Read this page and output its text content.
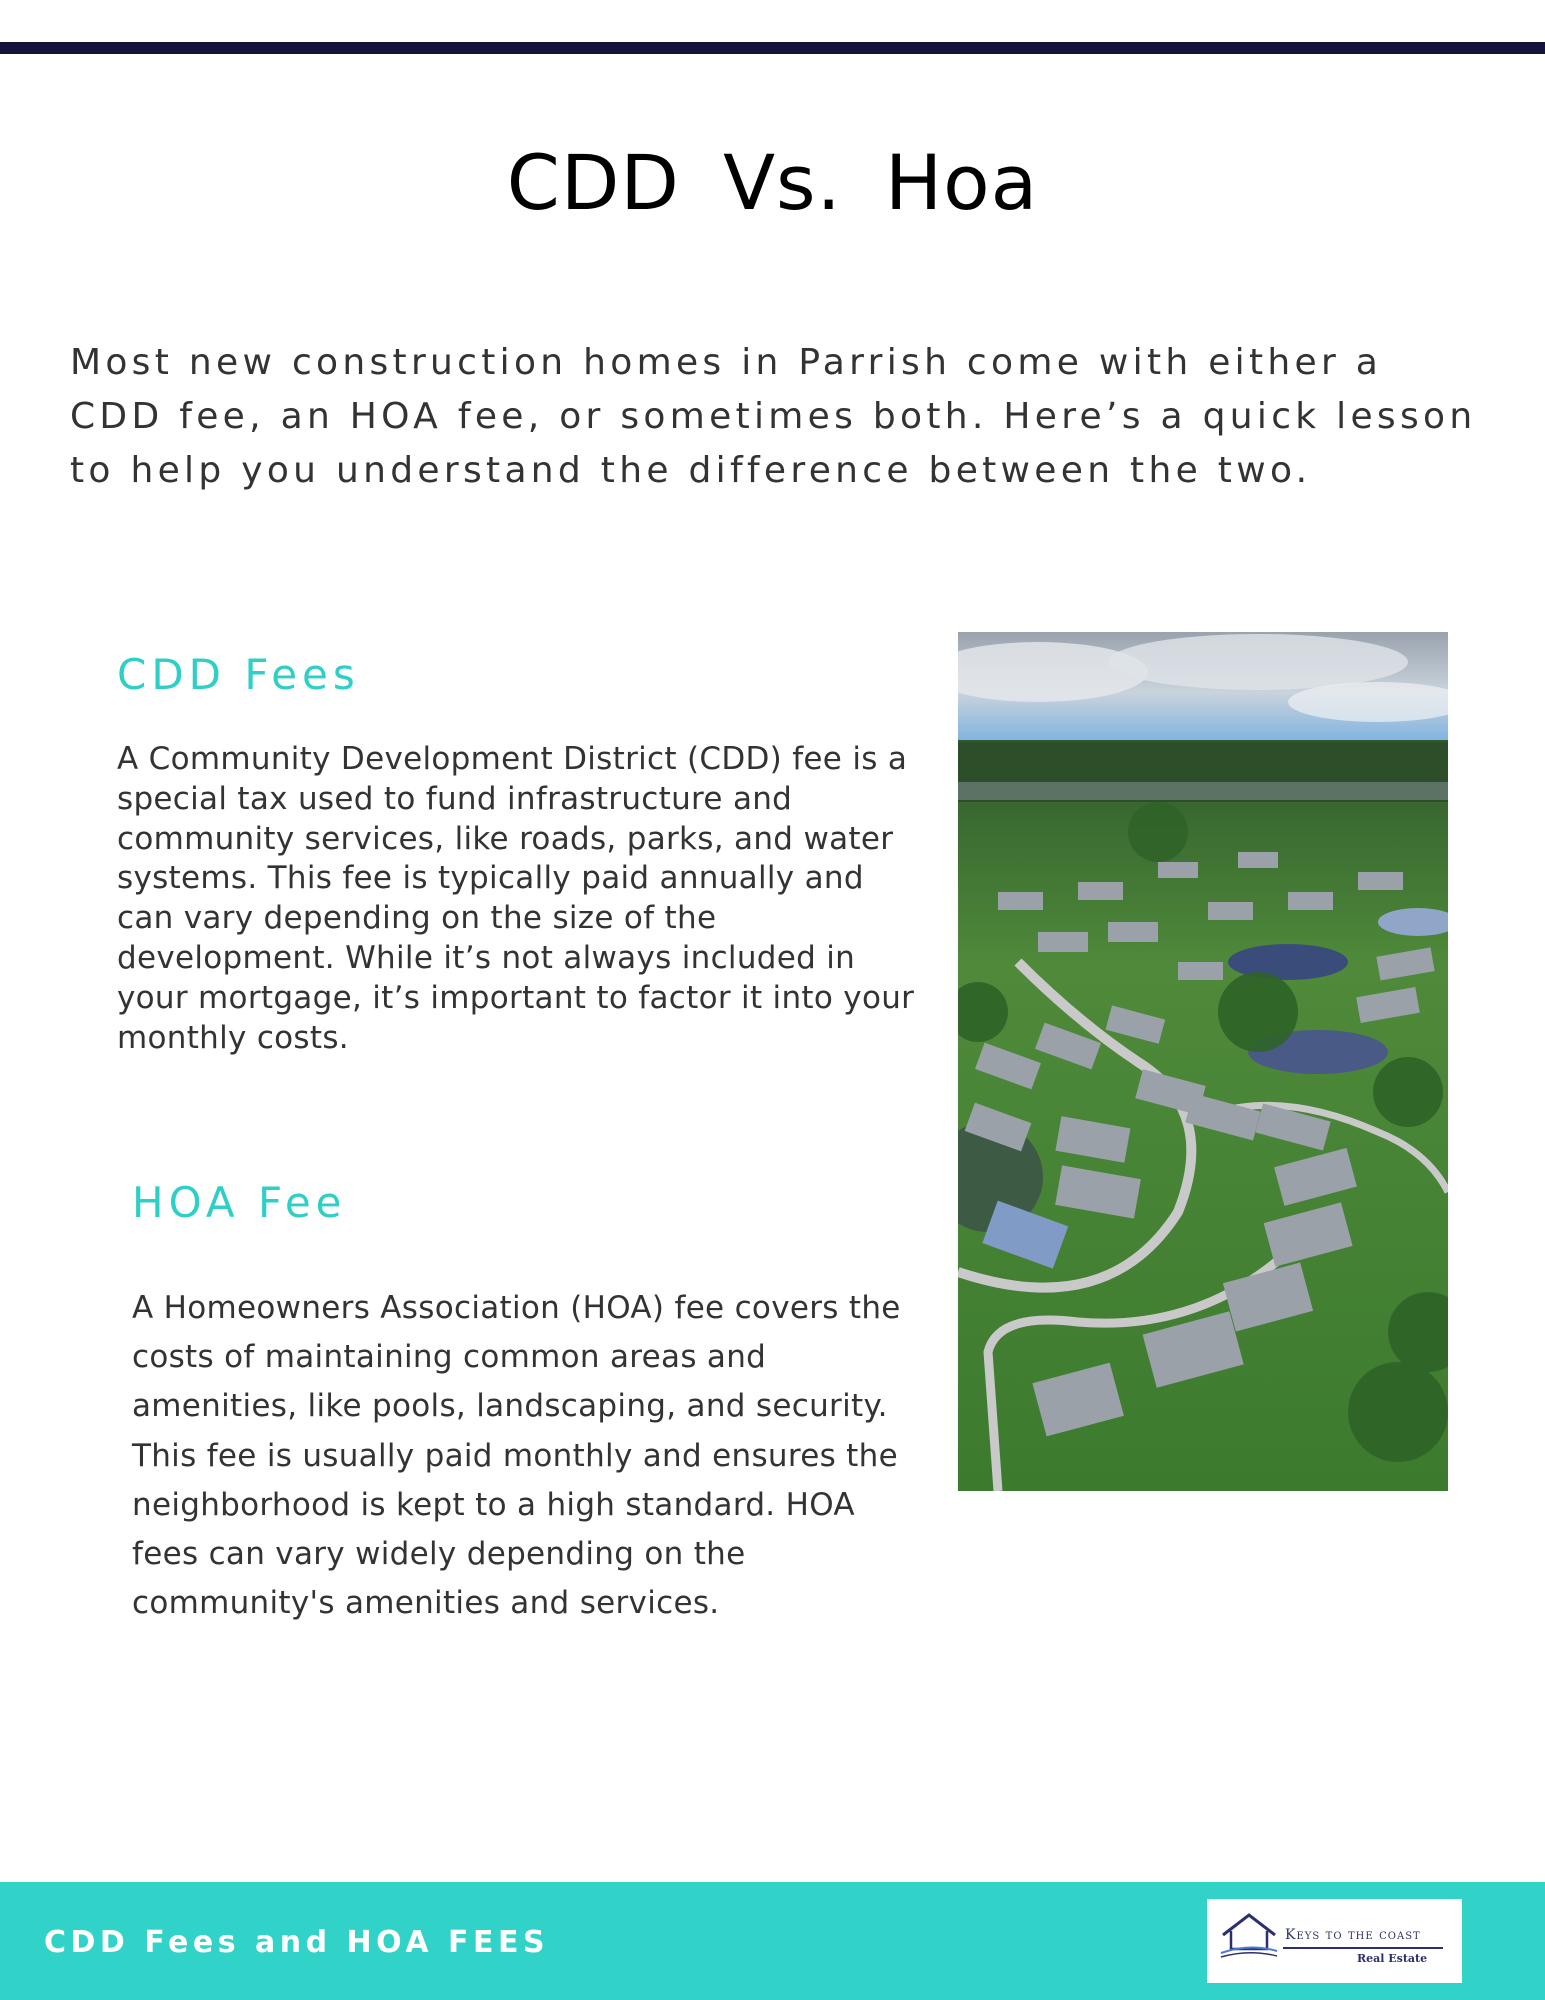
CDD Vs. Hoa

Most new construction homes in Parrish come with either a CDD fee, an HOA fee, or sometimes both. Here’s a quick lesson to help you understand the difference between the two.

CDD Fees

A Community Development District (CDD) fee is a special tax used to fund infrastructure and community services, like roads, parks, and water systems. This fee is typically paid annually and can vary depending on the size of the development. While it’s not always included in your mortgage, it’s important to factor it into your monthly costs.

HOA Fee

A Homeowners Association (HOA) fee covers the costs of maintaining common areas and amenities, like pools, landscaping, and security. This fee is usually paid monthly and ensures the neighborhood is kept to a high standard. HOA fees can vary widely depending on the community's amenities and services.

CDD Fees and HOA FEES	Keys to the coast
Real Estate
